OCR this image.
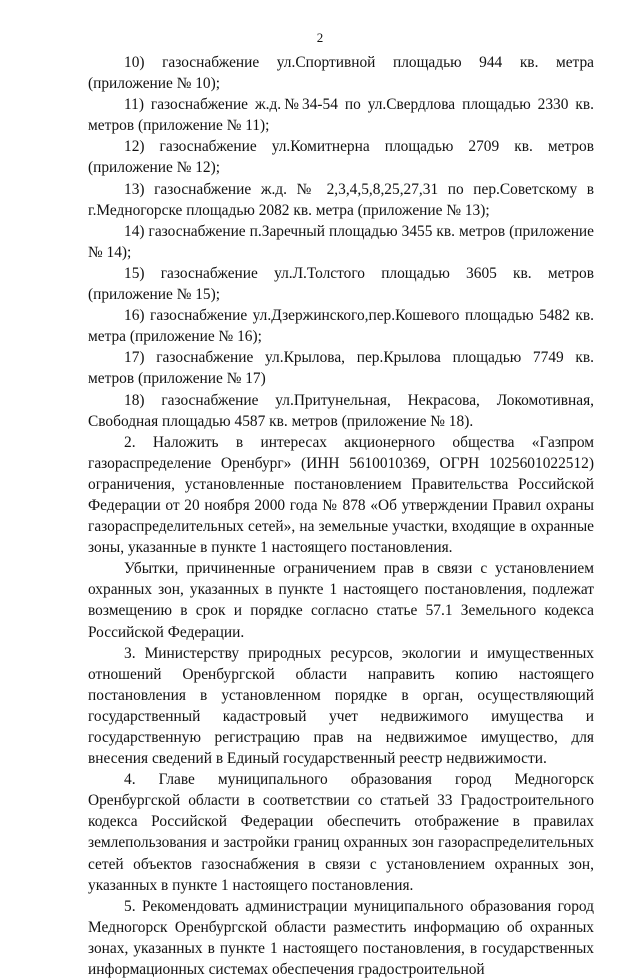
2

10) газоснабжение ул.Спортивной площадью 944 кв. метра (приложение № 10);

11) газоснабжение ж.д.№34-54 по ул.Свердлова площадью 2330 кв. метров (приложение № 11);

12) газоснабжение ул.Комитнерна площадью 2709 кв. метров (приложение № 12);

13) газоснабжение ж.д. № 2,3,4,5,8,25,27,31 по пер.Советскому в г.Медногорске площадью 2082 кв. метра (приложение № 13);

14) газоснабжение п.Заречный площадью 3455 кв. метров (приложение № 14);

15) газоснабжение ул.Л.Толстого площадью 3605 кв. метров (приложение № 15);

16) газоснабжение ул.Дзержинского,пер.Кошевого площадью 5482 кв. метра (приложение № 16);

17) газоснабжение ул.Крылова, пер.Крылова площадью 7749 кв. метров (приложение № 17)

18) газоснабжение ул.Притунельная, Некрасова, Локомотивная, Свободная площадью 4587 кв. метров (приложение № 18).

2. Наложить в интересах акционерного общества «Газпром газораспределение Оренбург» (ИНН 5610010369, ОГРН 1025601022512) ограничения, установленные постановлением Правительства Российской Федерации от 20 ноября 2000 года № 878 «Об утверждении Правил охраны газораспределительных сетей», на земельные участки, входящие в охранные зоны, указанные в пункте 1 настоящего постановления.

Убытки, причиненные ограничением прав в связи с установлением охранных зон, указанных в пункте 1 настоящего постановления, подлежат возмещению в срок и порядке согласно статье 57.1 Земельного кодекса Российской Федерации.

3. Министерству природных ресурсов, экологии и имущественных отношений Оренбургской области направить копию настоящего постановления в установленном порядке в орган, осуществляющий государственный кадастровый учет недвижимого имущества и государственную регистрацию прав на недвижимое имущество, для внесения сведений в Единый государственный реестр недвижимости.

4. Главе муниципального образования город Медногорск Оренбургской области в соответствии со статьей 33 Градостроительного кодекса Российской Федерации обеспечить отображение в правилах землепользования и застройки границ охранных зон газораспределительных сетей объектов газоснабжения в связи с установлением охранных зон, указанных в пункте 1 настоящего постановления.

5. Рекомендовать администрации муниципального образования город Медногорск Оренбургской области разместить информацию об охранных зонах, указанных в пункте 1 настоящего постановления, в государственных информационных системах обеспечения градостроительной
